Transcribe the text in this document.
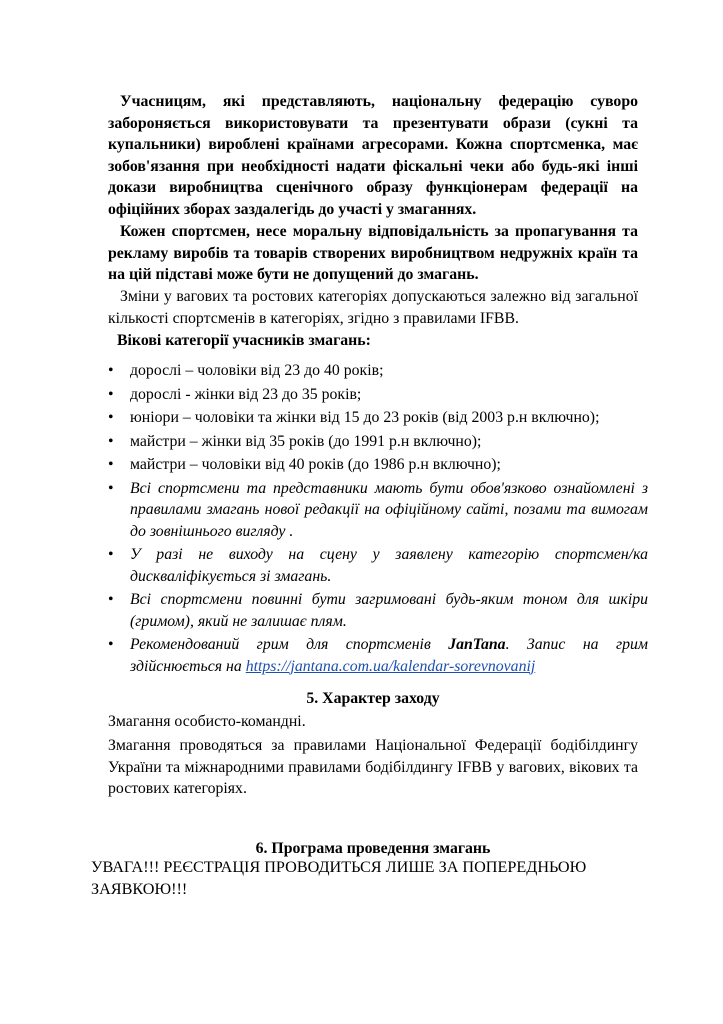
Учасницям, які представляють, національну федерацію суворо забороняється використовувати та презентувати образи (сукні та купальники) вироблені країнами агресорами. Кожна спортсменка, має зобов'язання при необхідності надати фіскальні чеки або будь-які інші докази виробництва сценічного образу функціонерам федерації на офіційних зборах заздалегідь до участі у змаганнях.

Кожен спортсмен, несе моральну відповідальність за пропагування та рекламу виробів та товарів створених виробництвом недружніх країн та на цій підставі може бути не допущений до змагань.

Зміни у вагових та ростових категоріях допускаються залежно від загальної кількості спортсменів в категоріях, згідно з правилами IFBB.

Вікові категорії учасників змагань:

• дорослі – чоловіки від 23 до 40 років;
• дорослі - жінки від 23 до 35 років;
• юніори – чоловіки та жінки від 15 до 23 років (від 2003 р.н включно);
• майстри – жінки від 35 років (до 1991 р.н включно);
• майстри – чоловіки від 40 років (до 1986 р.н включно);
• Всі спортсмени та представники мають бути обов'язково ознайомлені з правилами змагань нової редакції на офіційному сайті, позами та вимогам до зовнішнього вигляду .
• У разі не виходу на сцену у заявлену категорію спортсмен/ка дискваліфікується зі змагань.
• Всі спортсмени повинні бути загримовані будь-яким тоном для шкіри (гримом), який не залишає плям.
• Рекомендований грим для спортсменів JanTana. Запис на грим здійснюється на https://jantana.com.ua/kalendar-sorevnovanij

5. Характер заходу

Змагання особисто-командні.

Змагання проводяться за правилами Національної Федерації бодібілдингу України та міжнародними правилами бодібілдингу IFBB у вагових, вікових та ростових категоріях.

6. Програма проведення змагань

УВАГА!!! РЕЄСТРАЦІЯ ПРОВОДИТЬСЯ ЛИШЕ ЗА ПОПЕРЕДНЬОЮ ЗАЯВКОЮ!!!
